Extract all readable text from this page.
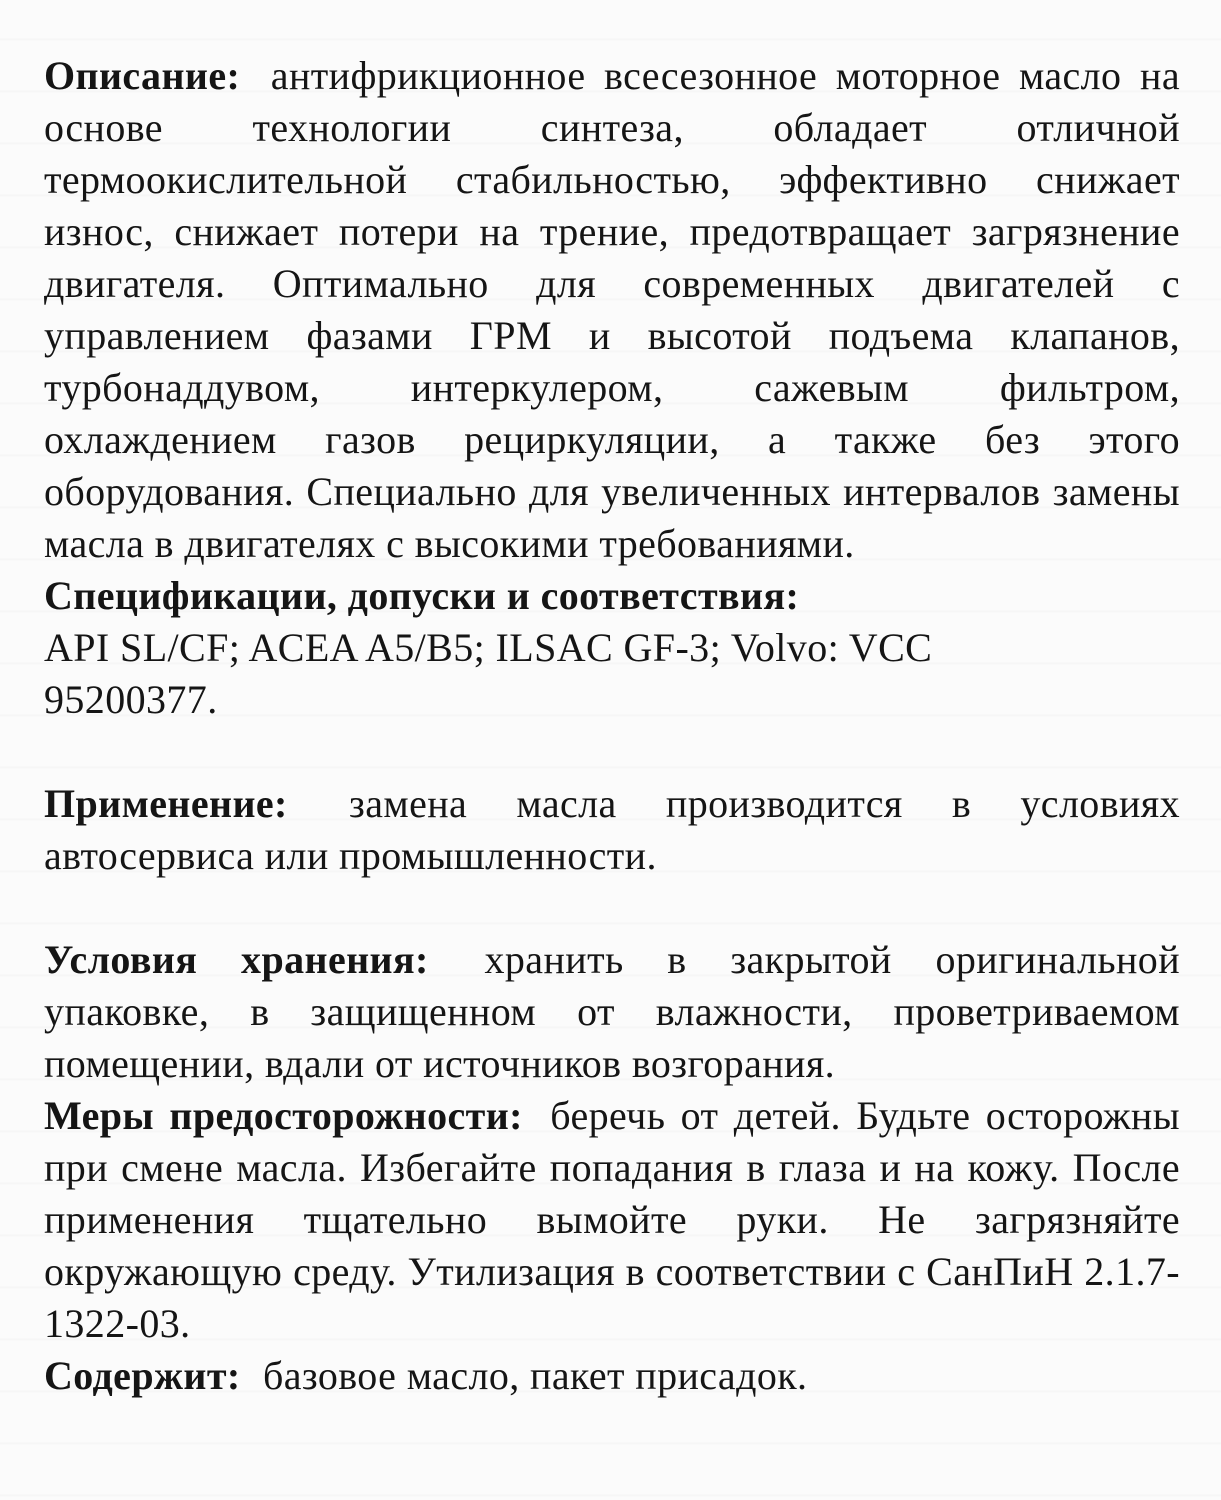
Описание: антифрикционное всесезонное моторное масло на основе технологии синтеза, обладает отличной термоокислительной стабильностью, эффективно снижает износ, снижает потери на трение, предотвращает загрязнение двигателя. Оптимально для современных двигателей с управлением фазами ГРМ и высотой подъема клапанов, турбонаддувом, интеркулером, сажевым фильтром, охлаждением газов рециркуляции, а также без этого оборудования. Специально для увеличенных интервалов замены масла в двигателях с высокими требованиями.

Спецификации, допуски и соответствия:

API SL/CF; ACEA A5/B5; ILSAC GF-3; Volvo: VCC 95200377.

Применение: замена масла производится в условиях автосервиса или промышленности.

Условия хранения: хранить в закрытой оригинальной упаковке, в защищенном от влажности, проветриваемом помещении, вдали от источников возгорания.

Меры предосторожности: беречь от детей. Будьте осторожны при смене масла. Избегайте попадания в глаза и на кожу. После применения тщательно вымойте руки. Не загрязняйте окружающую среду. Утилизация в соответствии с СанПиН 2.1.7-1322-03.

Содержит: базовое масло, пакет присадок.
